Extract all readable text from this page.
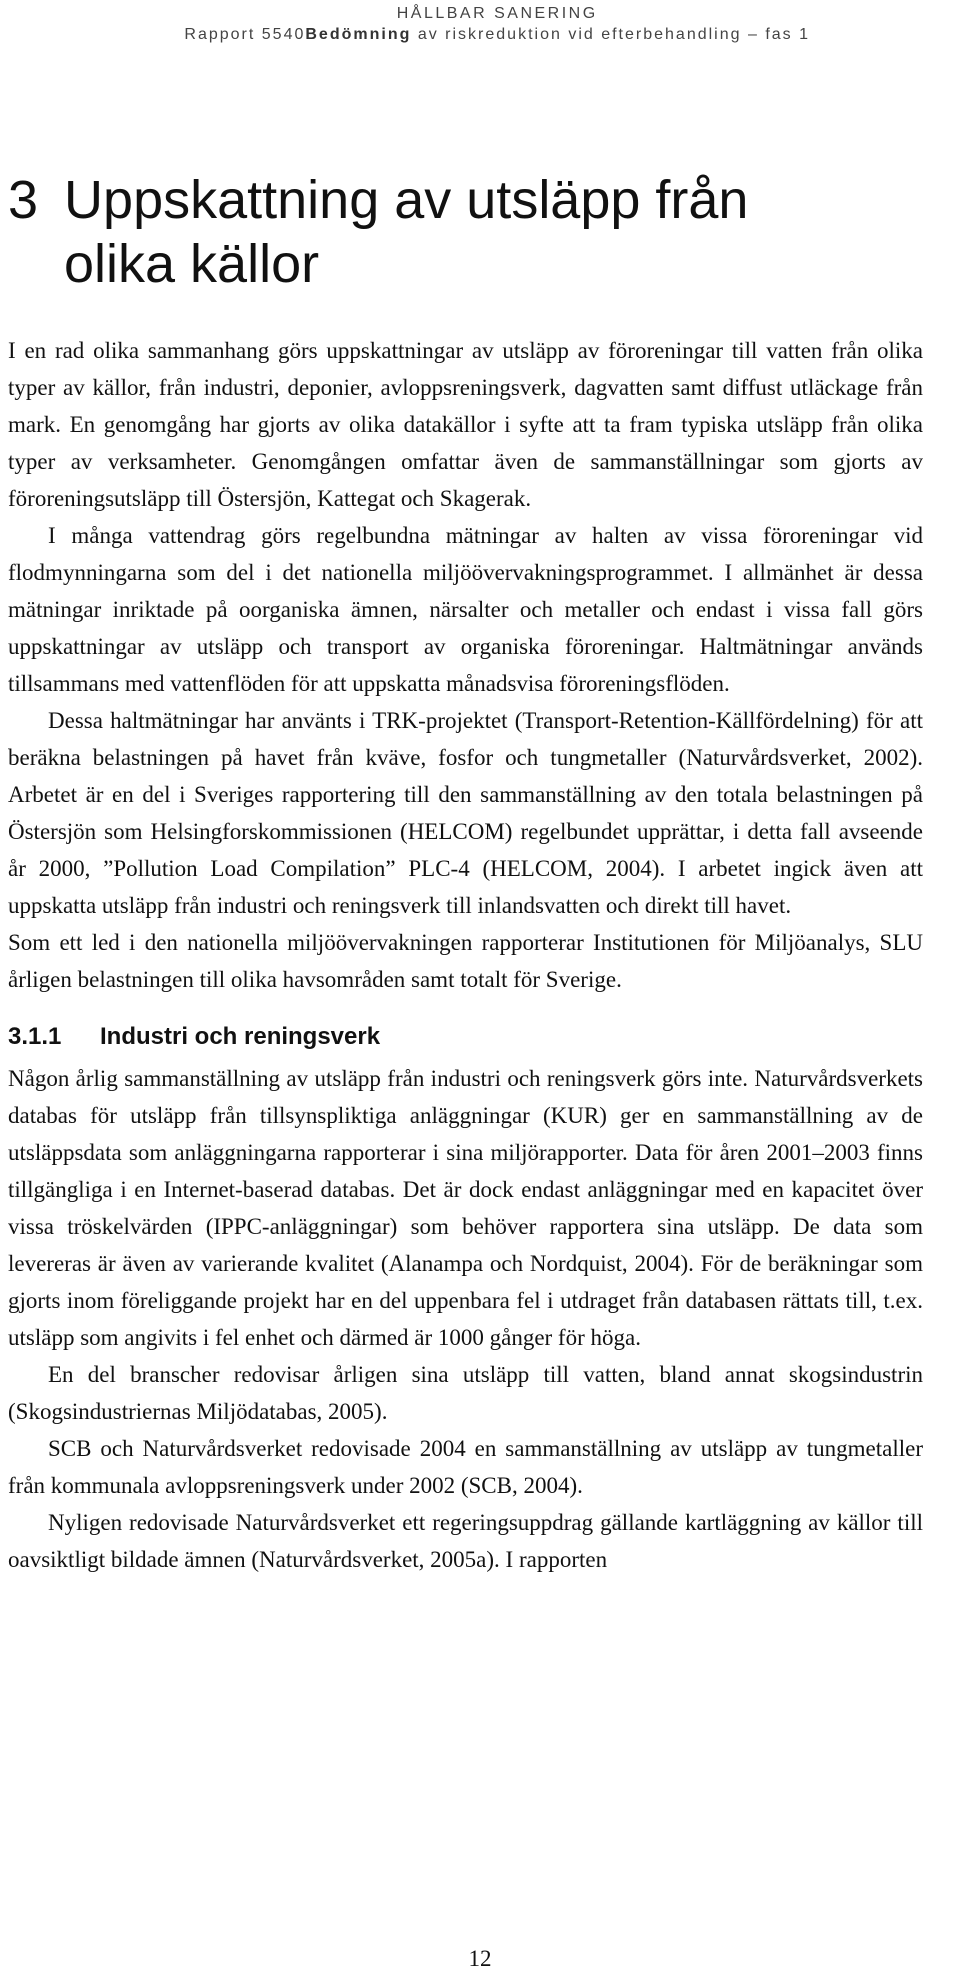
HÅLLBAR SANERING
Rapport 5540Bedömning av riskreduktion vid efterbehandling – fas 1
3 Uppskattning av utsläpp från
olika källor

I en rad olika sammanhang görs uppskattningar av utsläpp av föroreningar till vatten från olika typer av källor, från industri, deponier, avloppsreningsverk, dagvatten samt diffust utläckage från mark. En genomgång har gjorts av olika datakällor i syfte att ta fram typiska utsläpp från olika typer av verksamheter. Genomgången omfattar även de sammanställningar som gjorts av föroreningsutsläpp till Östersjön, Kattegat och Skagerak.

I många vattendrag görs regelbundna mätningar av halten av vissa föroreningar vid flodmynningarna som del i det nationella miljöövervakningsprogrammet. I allmänhet är dessa mätningar inriktade på oorganiska ämnen, närsalter och metaller och endast i vissa fall görs uppskattningar av utsläpp och transport av organiska föroreningar. Haltmätningar används tillsammans med vattenflöden för att uppskatta månadsvisa föroreningsflöden.

Dessa haltmätningar har använts i TRK-projektet (Transport-Retention-Källfördelning) för att beräkna belastningen på havet från kväve, fosfor och tungmetaller (Naturvårdsverket, 2002). Arbetet är en del i Sveriges rapportering till den sammanställning av den totala belastningen på Östersjön som Helsingforskommissionen (HELCOM) regelbundet upprättar, i detta fall avseende år 2000, ”Pollution Load Compilation” PLC-4 (HELCOM, 2004). I arbetet ingick även att uppskatta utsläpp från industri och reningsverk till inlandsvatten och direkt till havet.

Som ett led i den nationella miljöövervakningen rapporterar Institutionen för Miljöanalys, SLU årligen belastningen till olika havsområden samt totalt för Sverige.

3.1.1 Industri och reningsverk

Någon årlig sammanställning av utsläpp från industri och reningsverk görs inte. Naturvårdsverkets databas för utsläpp från tillsynspliktiga anläggningar (KUR) ger en sammanställning av de utsläppsdata som anläggningarna rapporterar i sina miljörapporter. Data för åren 2001–2003 finns tillgängliga i en Internet-baserad databas. Det är dock endast anläggningar med en kapacitet över vissa tröskelvärden (IPPC-anläggningar) som behöver rapportera sina utsläpp. De data som levereras är även av varierande kvalitet (Alanampa och Nordquist, 2004). För de beräkningar som gjorts inom föreliggande projekt har en del uppenbara fel i utdraget från databasen rättats till, t.ex. utsläpp som angivits i fel enhet och därmed är 1000 gånger för höga.

En del branscher redovisar årligen sina utsläpp till vatten, bland annat skogsindustrin (Skogsindustriernas Miljödatabas, 2005).

SCB och Naturvårdsverket redovisade 2004 en sammanställning av utsläpp av tungmetaller från kommunala avloppsreningsverk under 2002 (SCB, 2004).

Nyligen redovisade Naturvårdsverket ett regeringsuppdrag gällande kartläggning av källor till oavsiktligt bildade ämnen (Naturvårdsverket, 2005a). I rapporten

12
